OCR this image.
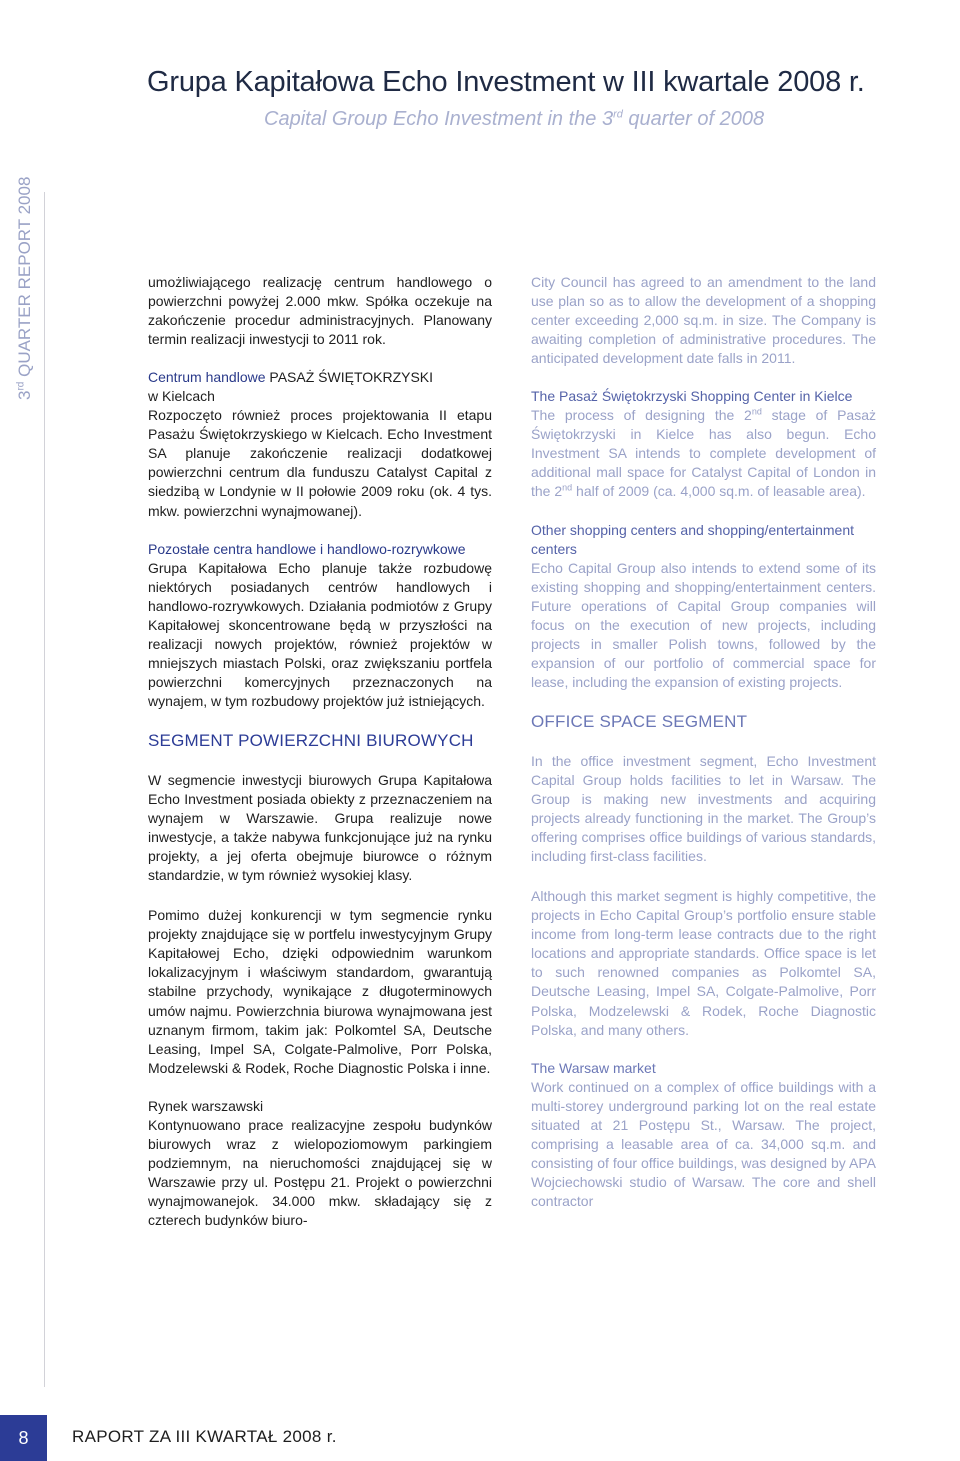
Grupa Kapitałowa Echo Investment w III kwartale 2008 r.
Capital Group Echo Investment in the 3rd quarter of 2008
3rd QUARTER REPORT 2008	umożliwiającego realizację centrum handlowego o powierzchni powyżej 2.000 mkw. Spółka oczekuje na zakończenie procedur administracyjnych. Planowany termin realizacji inwestycji to 2011 rok.

Centrum handlowe PASAŻ ŚWIĘTOKRZYSKI
w Kielcach

Rozpoczęto również proces projektowania II etapu Pasażu Świętokrzyskiego w Kielcach. Echo Investment SA planuje zakończenie realizacji dodatkowej powierzchni centrum dla funduszu Catalyst Capital z siedzibą w Londynie w II połowie 2009 roku (ok. 4 tys. mkw. powierzchni wynajmowanej).

Pozostałe centra handlowe i handlowo-rozrywkowe

Grupa Kapitałowa Echo planuje także rozbudowę niektórych posiadanych centrów handlowych i handlowo-rozrywkowych. Działania podmiotów z Grupy Kapitałowej skoncentrowane będą w przyszłości na realizacji nowych projektów, również projektów w mniejszych miastach Polski, oraz zwiększaniu portfela powierzchni komercyjnych przeznaczonych na wynajem, w tym rozbudowy projektów już istniejących.

SEGMENT POWIERZCHNI BIUROWYCH

W segmencie inwestycji biurowych Grupa Kapitałowa Echo Investment posiada obiekty z przeznaczeniem na wynajem w Warszawie. Grupa realizuje nowe inwestycje, a także nabywa funkcjonujące już na rynku projekty, a jej oferta obejmuje biurowce o różnym standardzie, w tym również wysokiej klasy.

Pomimo dużej konkurencji w tym segmencie rynku projekty znajdujące się w portfelu inwestycyjnym Grupy Kapitałowej Echo, dzięki odpowiednim warunkom lokalizacyjnym i właściwym standardom, gwarantują stabilne przychody, wynikające z długoterminowych umów najmu. Powierzchnia biurowa wynajmowana jest uznanym firmom, takim jak: Polkomtel SA, Deutsche Leasing, Impel SA, Colgate-Palmolive, Porr Polska, Modzelewski & Rodek, Roche Diagnostic Polska i inne.

Rynek warszawski

Kontynuowano prace realizacyjne zespołu budynków biurowych wraz z wielopoziomowym parkingiem podziemnym, na nieruchomości znajdującej się w Warszawie przy ul. Postępu 21. Projekt o powierzchni wynajmowanejok. 34.000 mkw. składający się z czterech budynków biuro-

City Council has agreed to an amendment to the land use plan so as to allow the development of a shopping center exceeding 2,000 sq.m. in size. The Company is awaiting completion of administrative procedures. The anticipated development date falls in 2011.

The Pasaż Świętokrzyski Shopping Center in Kielce

The process of designing the 2nd stage of Pasaż Świętokrzyski in Kielce has also begun. Echo Investment SA intends to complete development of additional mall space for Catalyst Capital of London in the 2nd half of 2009 (ca. 4,000 sq.m. of leasable area).

Other shopping centers and shopping/entertainment centers

Echo Capital Group also intends to extend some of its existing shopping and shopping/entertainment centers. Future operations of Capital Group companies will focus on the execution of new projects, including projects in smaller Polish towns, followed by the expansion of our portfolio of commercial space for lease, including the expansion of existing projects.

OFFICE SPACE SEGMENT

In the office investment segment, Echo Investment Capital Group holds facilities to let in Warsaw. The Group is making new investments and acquiring projects already functioning in the market. The Group’s offering comprises office buildings of various standards, including first-class facilities.

Although this market segment is highly competitive, the projects in Echo Capital Group’s portfolio ensure stable income from long-term lease contracts due to the right locations and appropriate standards. Office space is let to such renowned companies as Polkomtel SA, Deutsche Leasing, Impel SA, Colgate-Palmolive, Porr Polska, Modzelewski & Rodek, Roche Diagnostic Polska, and many others.

The Warsaw market

Work continued on a complex of office buildings with a multi-storey underground parking lot on the real estate situated at 21 Postępu St., Warsaw. The project, comprising a leasable area of ca. 34,000 sq.m. and consisting of four office buildings, was designed by APA Wojciechowski studio of Warsaw. The core and shell contractor

8	RAPORT ZA III KWARTAŁ 2008 r.
